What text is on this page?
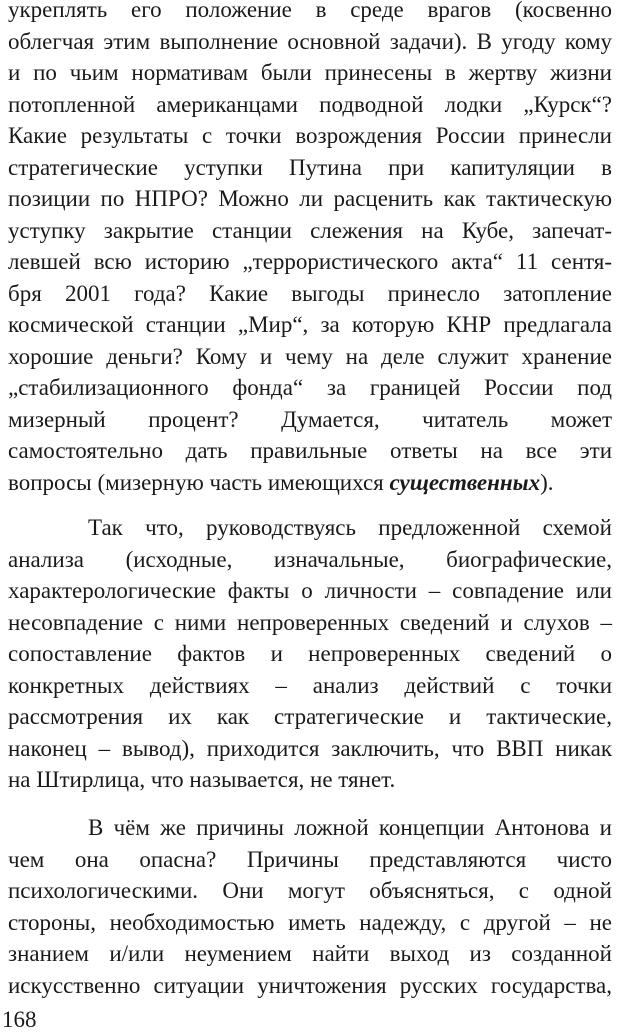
укреплять его положение в среде врагов (косвенно
облегчая этим выполнение основной задачи). В угоду кому
и по чьим нормативам были принесены в жертву жизни
потопленной американцами подводной лодки „Курск“?
Какие результаты с точки возрождения России принесли
стратегические уступки Путина при капитуляции в
позиции по НПРО? Можно ли расценить как тактическую
уступку закрытие станции слежения на Кубе, запечат-
левшей всю историю „террористического акта“ 11 сентя-
бря 2001 года? Какие выгоды принесло затопление
космической станции „Мир“, за которую КНР предлагала
хорошие деньги? Кому и чему на деле служит хранение
„стабилизационного фонда“ за границей России под
мизерный процент? Думается, читатель может
самостоятельно дать правильные ответы на все эти
вопросы (мизерную часть имеющихся существенных).
Так что, руководствуясь предложенной схемой
анализа (исходные, изначальные, биографические,
характерологические факты о личности – совпадение или
несовпадение с ними непроверенных сведений и слухов –
сопоставление фактов и непроверенных сведений о
конкретных действиях – анализ действий с точки
рассмотрения их как стратегические и тактические,
наконец – вывод), приходится заключить, что ВВП никак
на Штирлица, что называется, не тянет.
В чём же причины ложной концепции Антонова и
чем она опасна? Причины представляются чисто
психологическими. Они могут объясняться, с одной
стороны, необходимостью иметь надежду, с другой – не
знанием и/или неумением найти выход из созданной
искусственно ситуации уничтожения русских государства,
168
